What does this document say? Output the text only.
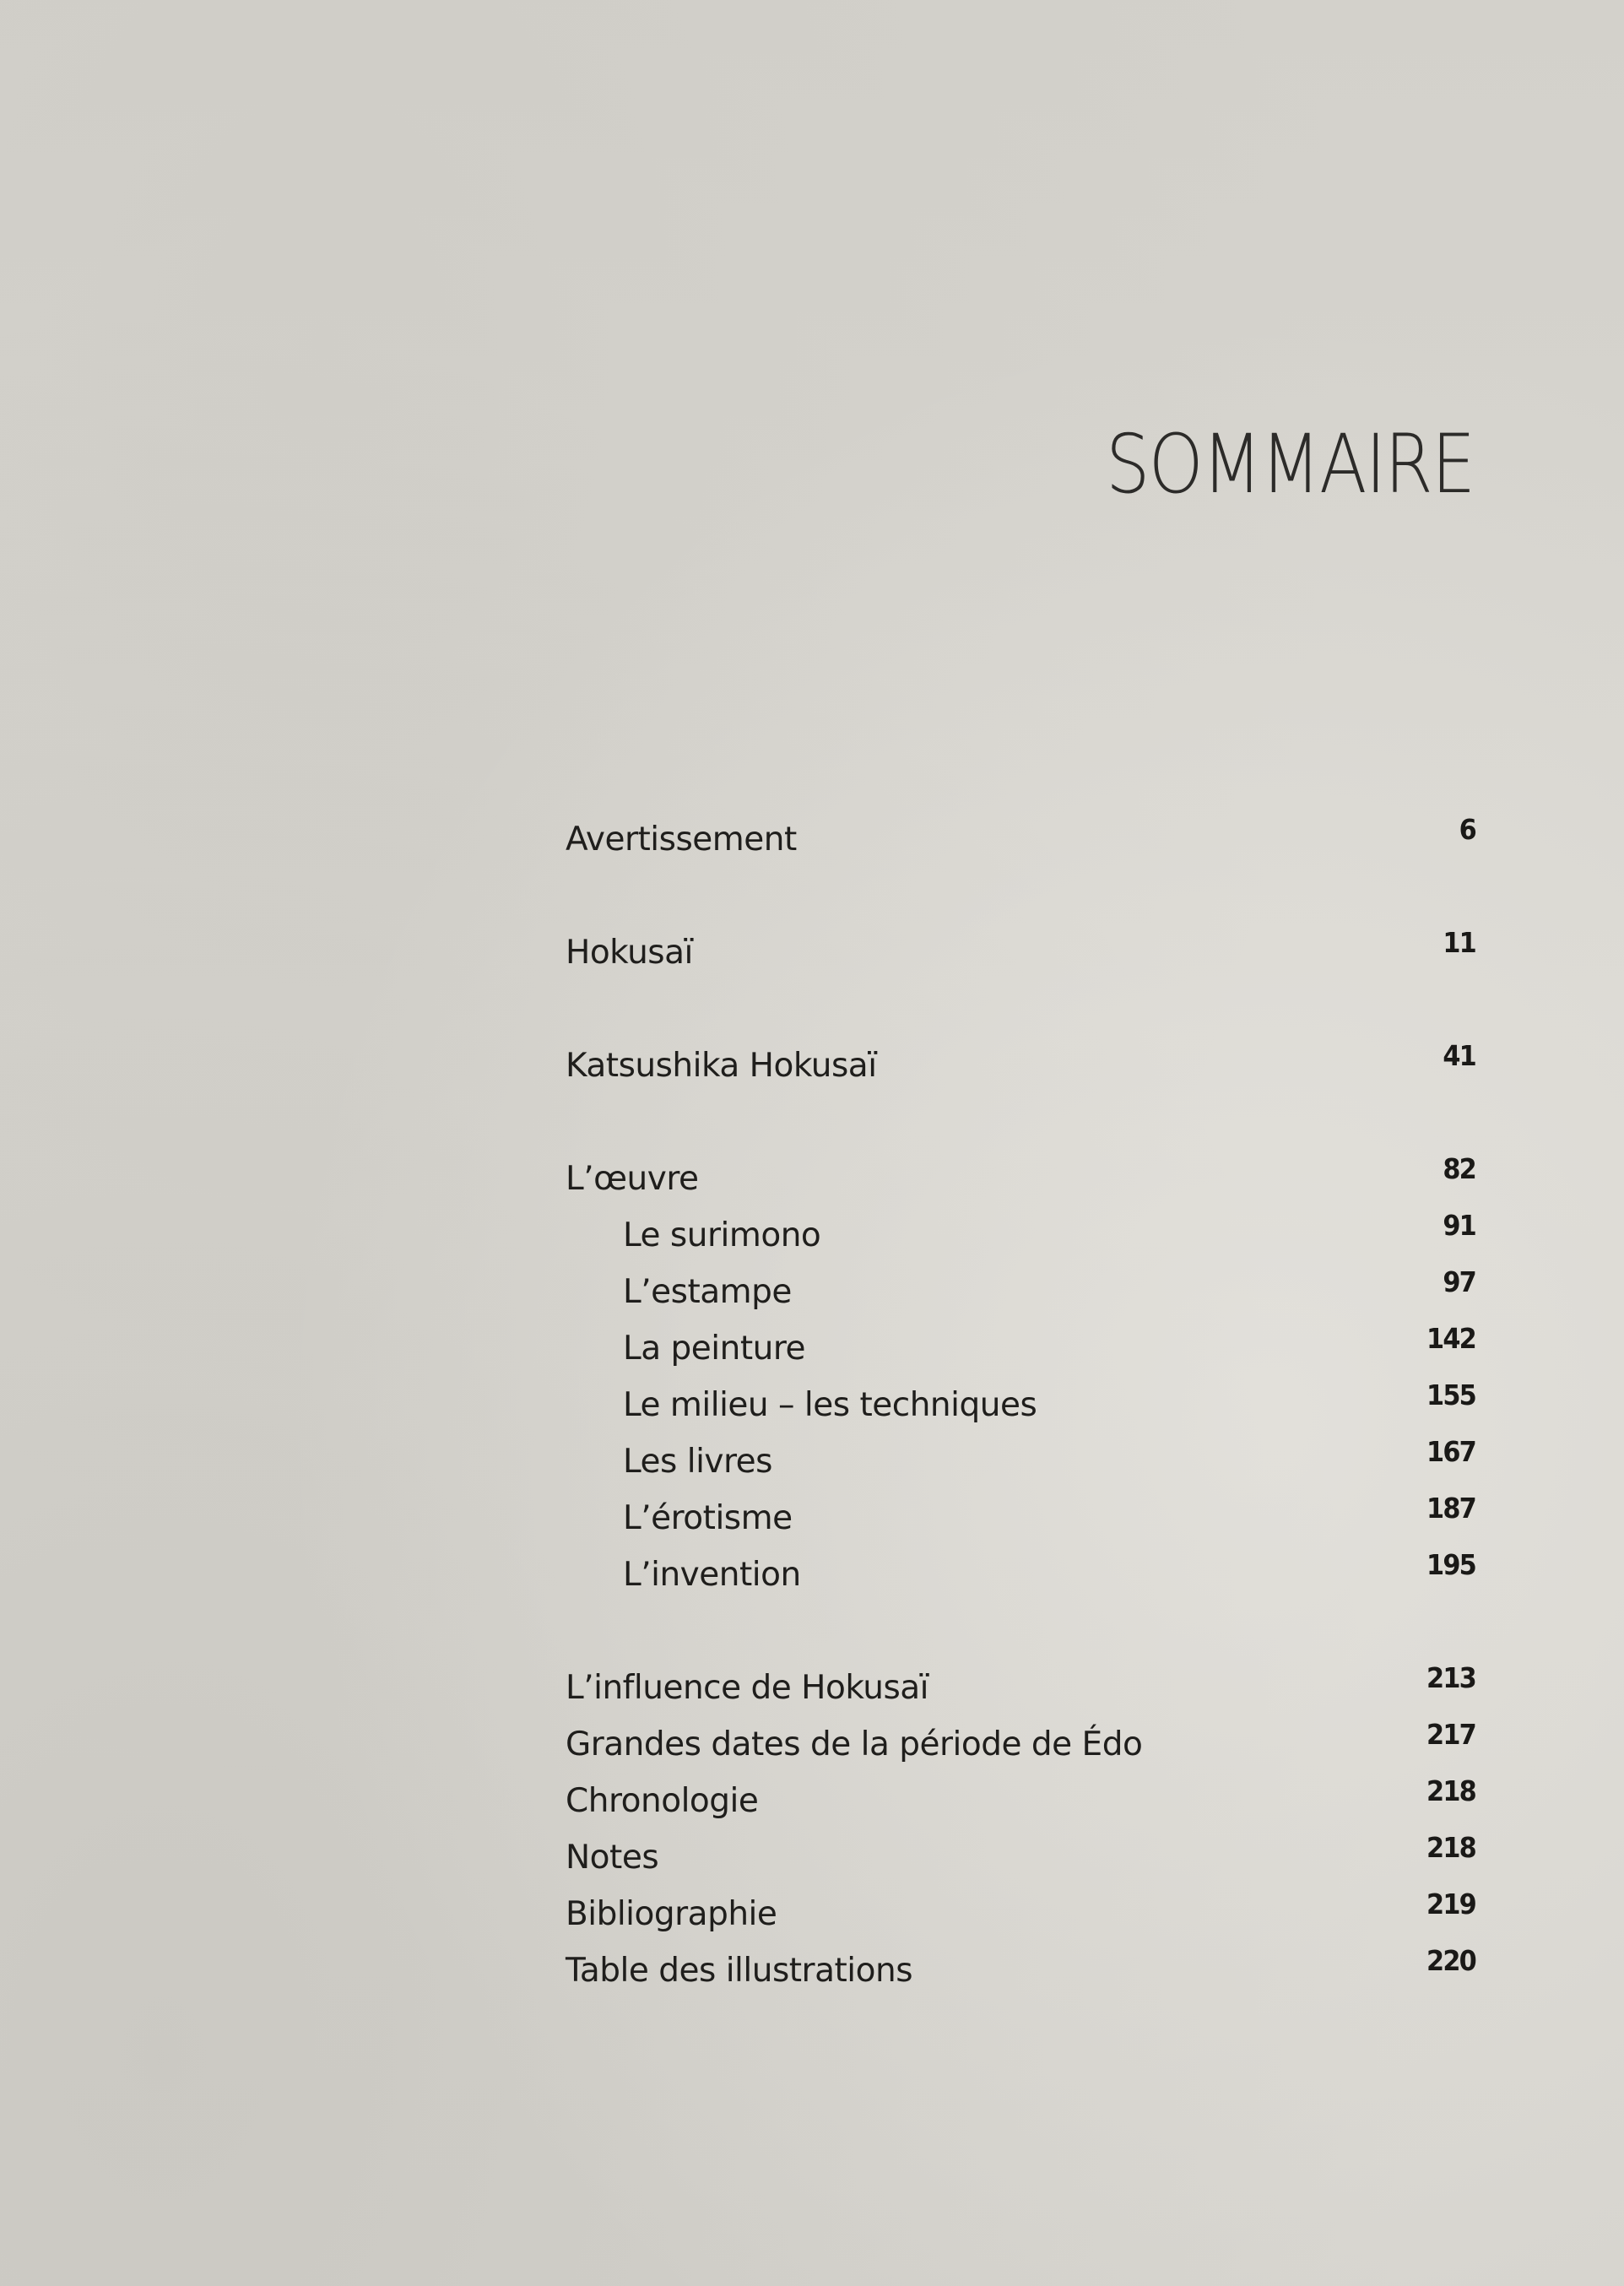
SOMMAIRE
Avertissement	6
Hokusaï	11
Katsushika Hokusaï	41
L’œuvre	82
Le surimono	91
L’estampe	97
La peinture	142
Le milieu – les techniques	155
Les livres	167
L’érotisme	187
L’invention	195
L’influence de Hokusaï	213
Grandes dates de la période de Édo	217
Chronologie	218
Notes	218
Bibliographie	219
Table des illustrations	220
